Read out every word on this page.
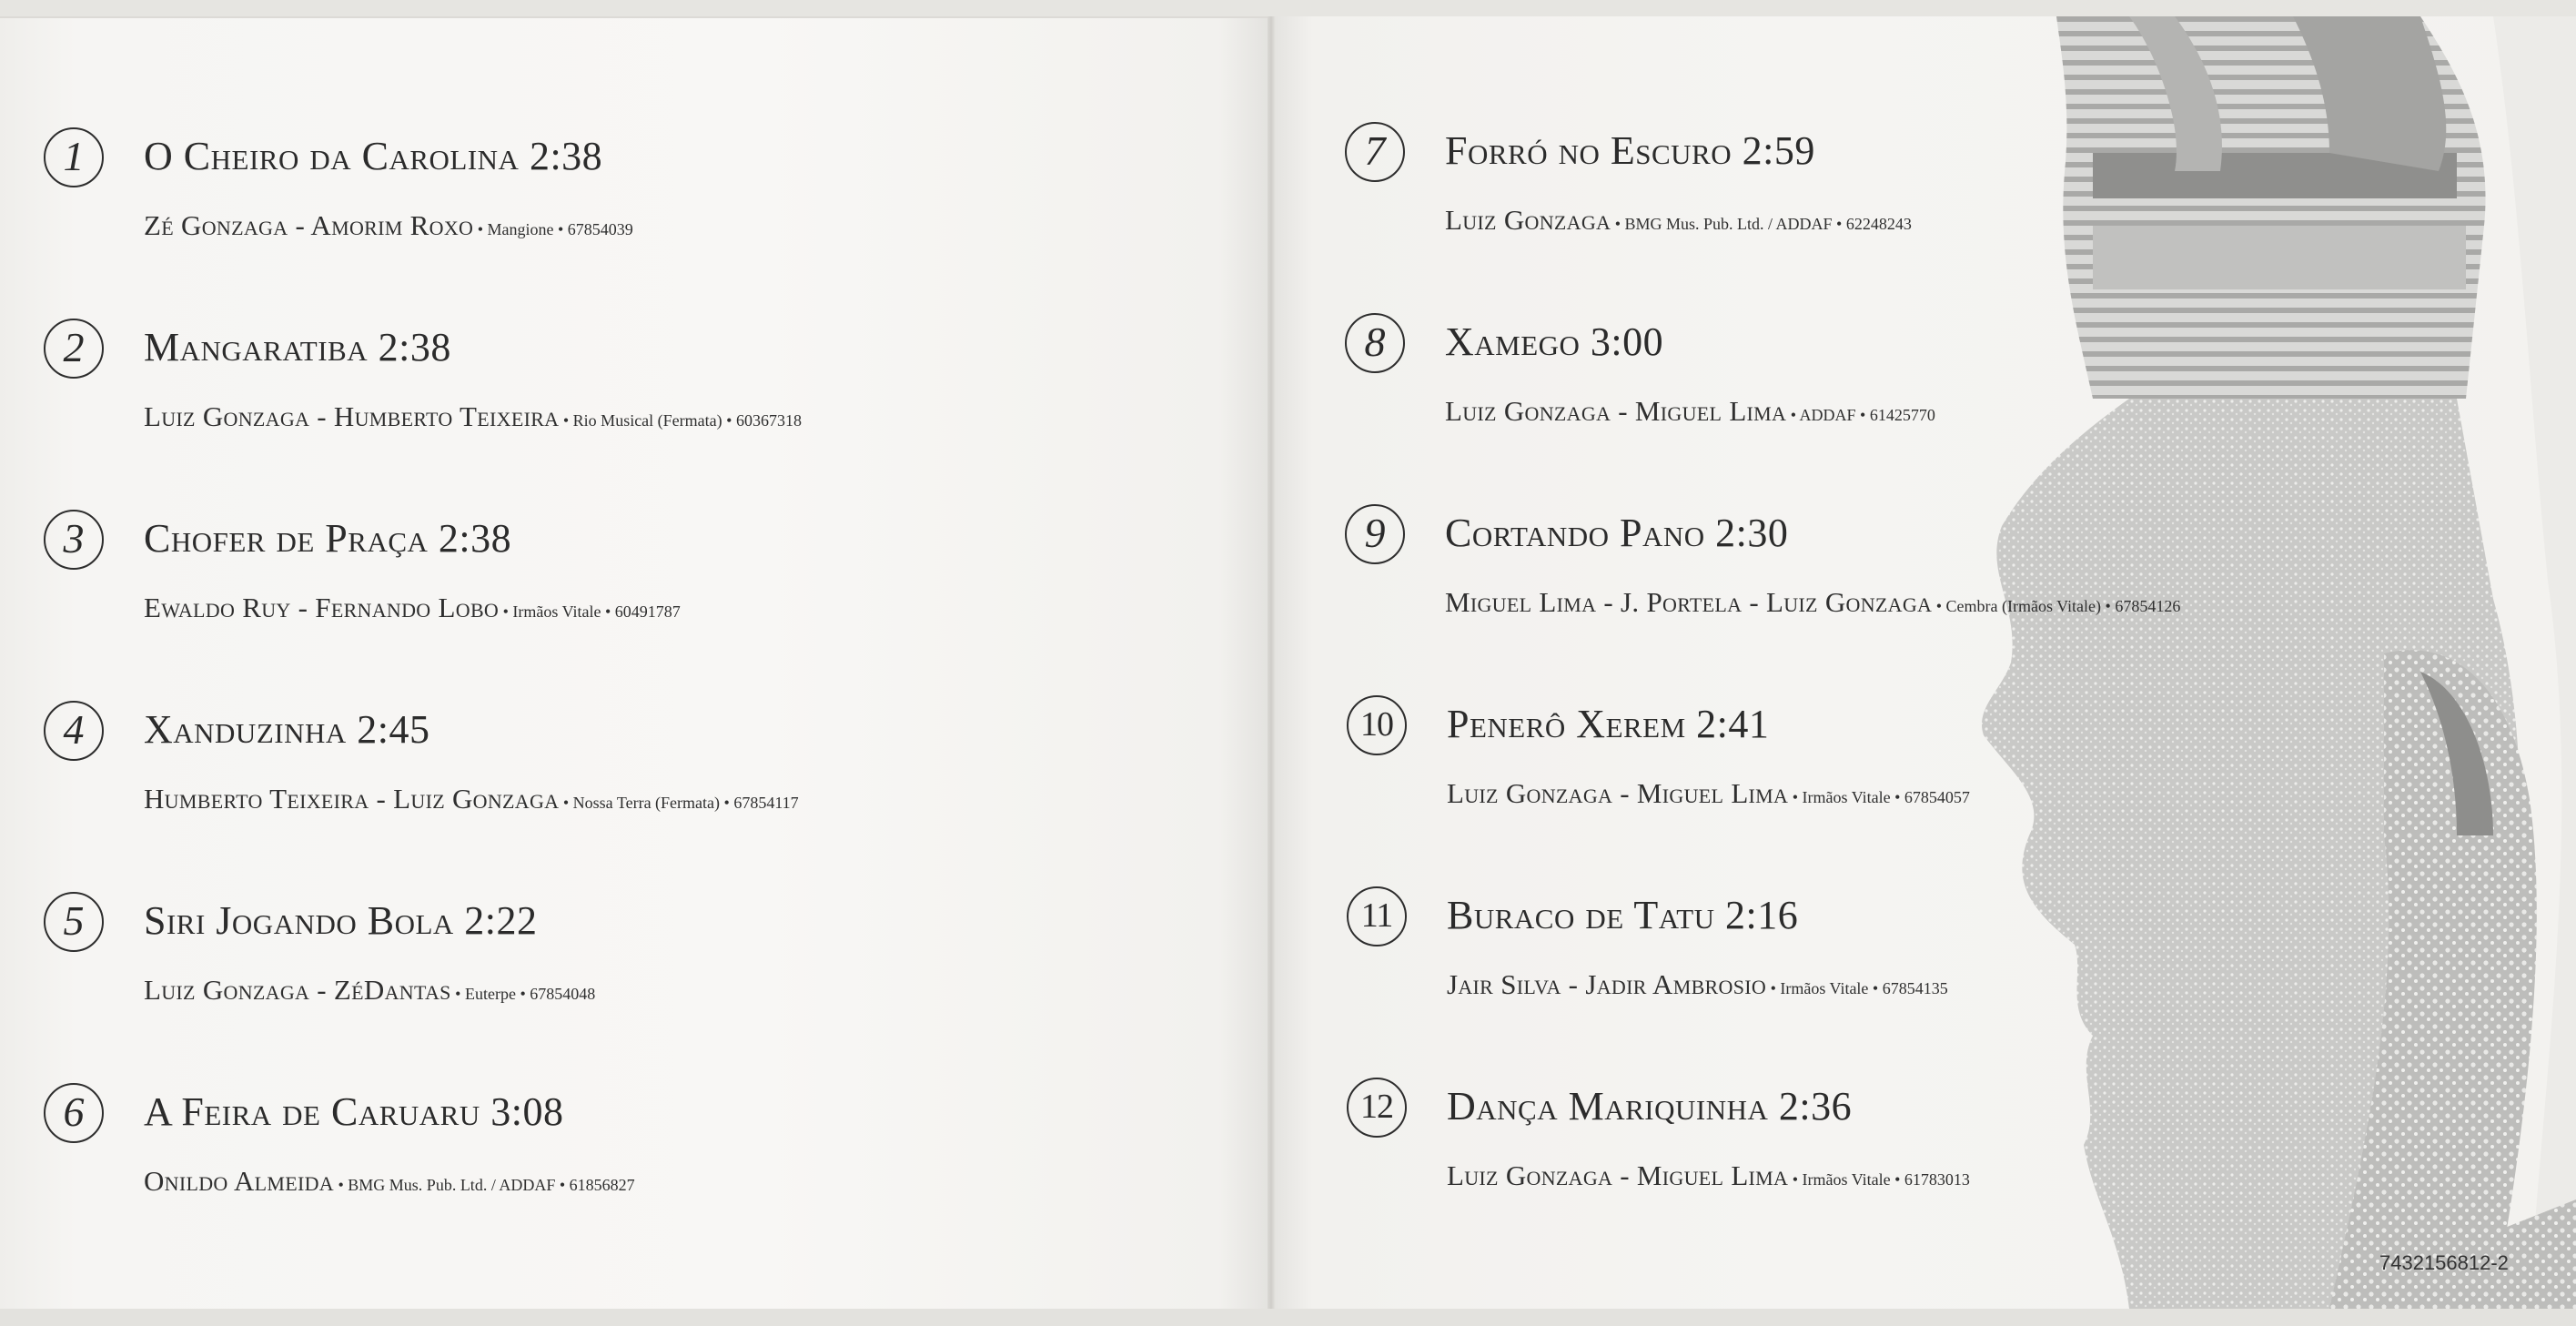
1	O Cheiro da Carolina 2:38
Zé Gonzaga - Amorim Roxo • Mangione • 67854039
2	Mangaratiba 2:38
Luiz Gonzaga - Humberto Teixeira • Rio Musical (Fermata) • 60367318
3	Chofer de Praça 2:38
Ewaldo Ruy - Fernando Lobo • Irmãos Vitale • 60491787
4	Xanduzinha 2:45
Humberto Teixeira - Luiz Gonzaga • Nossa Terra (Fermata) • 67854117
5	Siri Jogando Bola 2:22
Luiz Gonzaga - ZéDantas • Euterpe • 67854048
6	A Feira de Caruaru 3:08
Onildo Almeida • BMG Mus. Pub. Ltd. / ADDAF • 61856827
7	Forró no Escuro 2:59
Luiz Gonzaga • BMG Mus. Pub. Ltd. / ADDAF • 62248243
8	Xamego 3:00
Luiz Gonzaga - Miguel Lima • ADDAF • 61425770
9	Cortando Pano 2:30
Miguel Lima - J. Portela - Luiz Gonzaga • Cembra (Irmãos Vitale) • 67854126
10	Penerô Xerem 2:41
Luiz Gonzaga - Miguel Lima • Irmãos Vitale • 67854057
11	Buraco de Tatu 2:16
Jair Silva - Jadir Ambrosio • Irmãos Vitale • 67854135
12	Dança Mariquinha 2:36
Luiz Gonzaga - Miguel Lima • Irmãos Vitale • 61783013
7432156812-2
